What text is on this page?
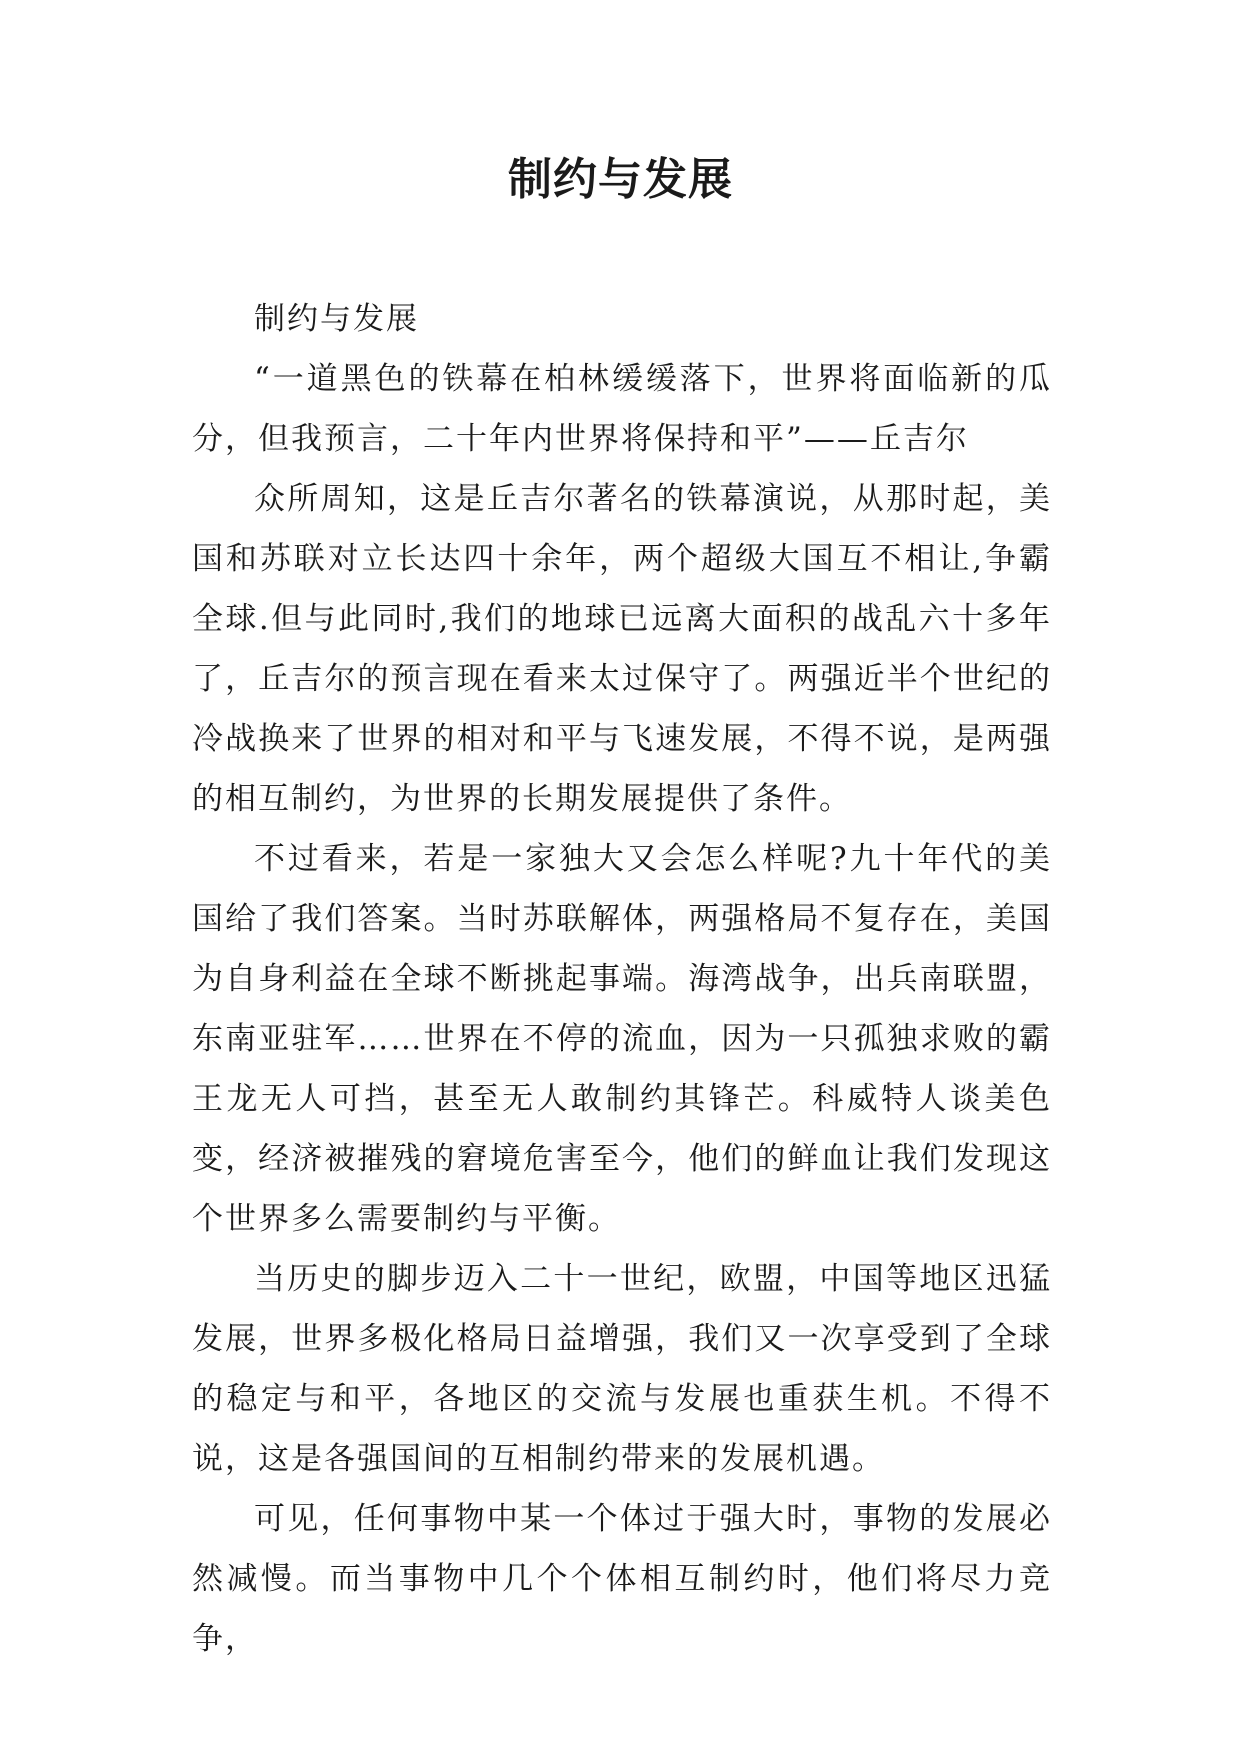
制约与发展

制约与发展

“一道黑色的铁幕在柏林缓缓落下，世界将面临新的瓜分，但我预言，二十年内世界将保持和平”——丘吉尔

众所周知，这是丘吉尔著名的铁幕演说，从那时起，美国和苏联对立长达四十余年，两个超级大国互不相让,争霸全球.但与此同时,我们的地球已远离大面积的战乱六十多年了，丘吉尔的预言现在看来太过保守了。两强近半个世纪的冷战换来了世界的相对和平与飞速发展，不得不说，是两强的相互制约，为世界的长期发展提供了条件。

不过看来，若是一家独大又会怎么样呢?九十年代的美国给了我们答案。当时苏联解体，两强格局不复存在，美国为自身利益在全球不断挑起事端。海湾战争，出兵南联盟，东南亚驻军……世界在不停的流血，因为一只孤独求败的霸王龙无人可挡，甚至无人敢制约其锋芒。科威特人谈美色变，经济被摧残的窘境危害至今，他们的鲜血让我们发现这个世界多么需要制约与平衡。

当历史的脚步迈入二十一世纪，欧盟，中国等地区迅猛发展，世界多极化格局日益增强，我们又一次享受到了全球的稳定与和平，各地区的交流与发展也重获生机。不得不说，这是各强国间的互相制约带来的发展机遇。

可见，任何事物中某一个体过于强大时，事物的发展必然减慢。而当事物中几个个体相互制约时，他们将尽力竞争，
